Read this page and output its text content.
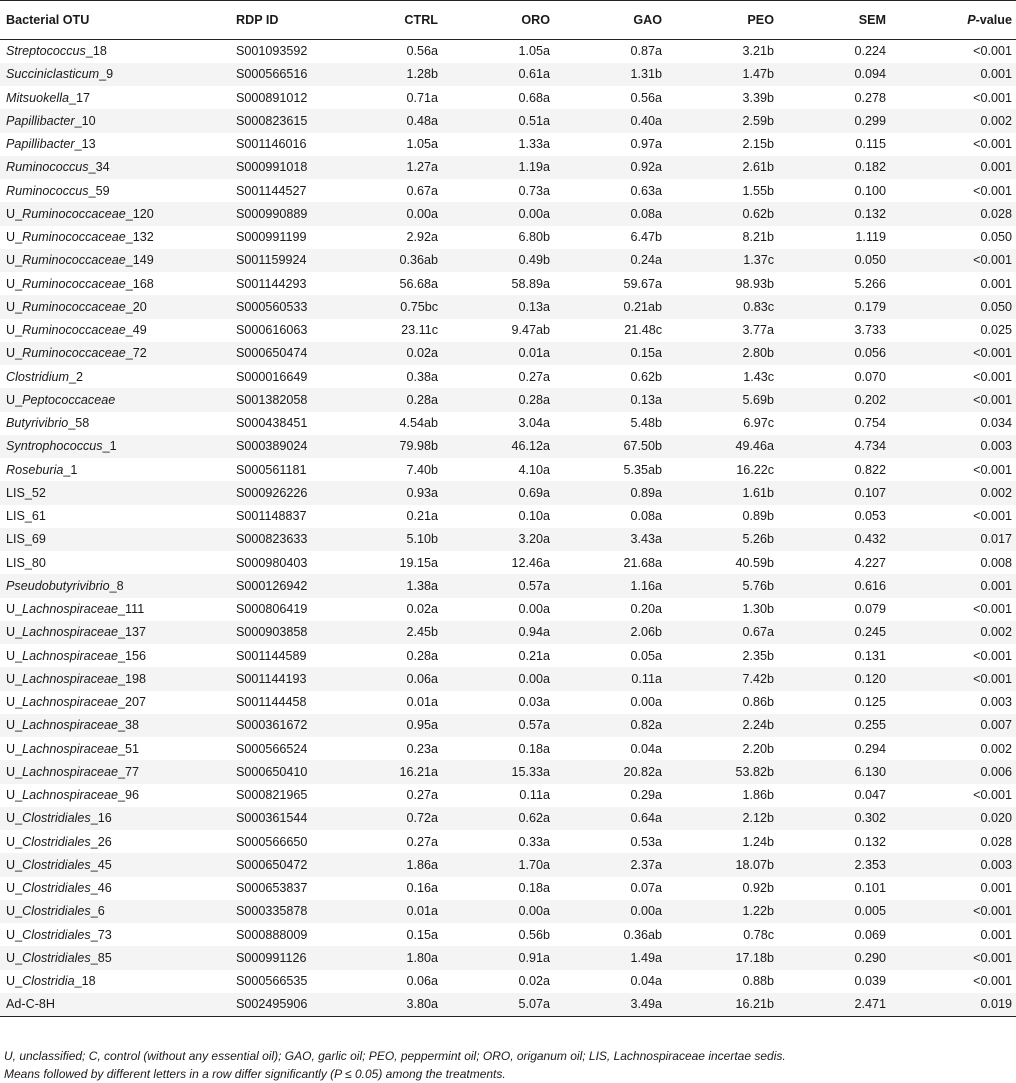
Bacterial OTU	RDP ID	CTRL	ORO	GAO	PEO	SEM	P-value
Streptococcus_18	S001093592	0.56a	1.05a	0.87a	3.21b	0.224	<0.001
Succiniclasticum_9	S000566516	1.28b	0.61a	1.31b	1.47b	0.094	0.001
Mitsuokella_17	S000891012	0.71a	0.68a	0.56a	3.39b	0.278	<0.001
Papillibacter_10	S000823615	0.48a	0.51a	0.40a	2.59b	0.299	0.002
Papillibacter_13	S001146016	1.05a	1.33a	0.97a	2.15b	0.115	<0.001
Ruminococcus_34	S000991018	1.27a	1.19a	0.92a	2.61b	0.182	0.001
Ruminococcus_59	S001144527	0.67a	0.73a	0.63a	1.55b	0.100	<0.001
U_Ruminococcaceae_120	S000990889	0.00a	0.00a	0.08a	0.62b	0.132	0.028
U_Ruminococcaceae_132	S000991199	2.92a	6.80b	6.47b	8.21b	1.119	0.050
U_Ruminococcaceae_149	S001159924	0.36ab	0.49b	0.24a	1.37c	0.050	<0.001
U_Ruminococcaceae_168	S001144293	56.68a	58.89a	59.67a	98.93b	5.266	0.001
U_Ruminococcaceae_20	S000560533	0.75bc	0.13a	0.21ab	0.83c	0.179	0.050
U_Ruminococcaceae_49	S000616063	23.11c	9.47ab	21.48c	3.77a	3.733	0.025
U_Ruminococcaceae_72	S000650474	0.02a	0.01a	0.15a	2.80b	0.056	<0.001
Clostridium_2	S000016649	0.38a	0.27a	0.62b	1.43c	0.070	<0.001
U_Peptococcaceae	S001382058	0.28a	0.28a	0.13a	5.69b	0.202	<0.001
Butyrivibrio_58	S000438451	4.54ab	3.04a	5.48b	6.97c	0.754	0.034
Syntrophococcus_1	S000389024	79.98b	46.12a	67.50b	49.46a	4.734	0.003
Roseburia_1	S000561181	7.40b	4.10a	5.35ab	16.22c	0.822	<0.001
LIS_52	S000926226	0.93a	0.69a	0.89a	1.61b	0.107	0.002
LIS_61	S001148837	0.21a	0.10a	0.08a	0.89b	0.053	<0.001
LIS_69	S000823633	5.10b	3.20a	3.43a	5.26b	0.432	0.017
LIS_80	S000980403	19.15a	12.46a	21.68a	40.59b	4.227	0.008
Pseudobutyrivibrio_8	S000126942	1.38a	0.57a	1.16a	5.76b	0.616	0.001
U_Lachnospiraceae_111	S000806419	0.02a	0.00a	0.20a	1.30b	0.079	<0.001
U_Lachnospiraceae_137	S000903858	2.45b	0.94a	2.06b	0.67a	0.245	0.002
U_Lachnospiraceae_156	S001144589	0.28a	0.21a	0.05a	2.35b	0.131	<0.001
U_Lachnospiraceae_198	S001144193	0.06a	0.00a	0.11a	7.42b	0.120	<0.001
U_Lachnospiraceae_207	S001144458	0.01a	0.03a	0.00a	0.86b	0.125	0.003
U_Lachnospiraceae_38	S000361672	0.95a	0.57a	0.82a	2.24b	0.255	0.007
U_Lachnospiraceae_51	S000566524	0.23a	0.18a	0.04a	2.20b	0.294	0.002
U_Lachnospiraceae_77	S000650410	16.21a	15.33a	20.82a	53.82b	6.130	0.006
U_Lachnospiraceae_96	S000821965	0.27a	0.11a	0.29a	1.86b	0.047	<0.001
U_Clostridiales_16	S000361544	0.72a	0.62a	0.64a	2.12b	0.302	0.020
U_Clostridiales_26	S000566650	0.27a	0.33a	0.53a	1.24b	0.132	0.028
U_Clostridiales_45	S000650472	1.86a	1.70a	2.37a	18.07b	2.353	0.003
U_Clostridiales_46	S000653837	0.16a	0.18a	0.07a	0.92b	0.101	0.001
U_Clostridiales_6	S000335878	0.01a	0.00a	0.00a	1.22b	0.005	<0.001
U_Clostridiales_73	S000888009	0.15a	0.56b	0.36ab	0.78c	0.069	0.001
U_Clostridiales_85	S000991126	1.80a	0.91a	1.49a	17.18b	0.290	<0.001
U_Clostridia_18	S000566535	0.06a	0.02a	0.04a	0.88b	0.039	<0.001
Ad-C-8H	S002495906	3.80a	5.07a	3.49a	16.21b	2.471	0.019

U, unclassified; C, control (without any essential oil); GAO, garlic oil; PEO, peppermint oil; ORO, origanum oil; LIS, Lachnospiraceae incertae sedis.

Means followed by different letters in a row differ significantly (P ≤ 0.05) among the treatments.
